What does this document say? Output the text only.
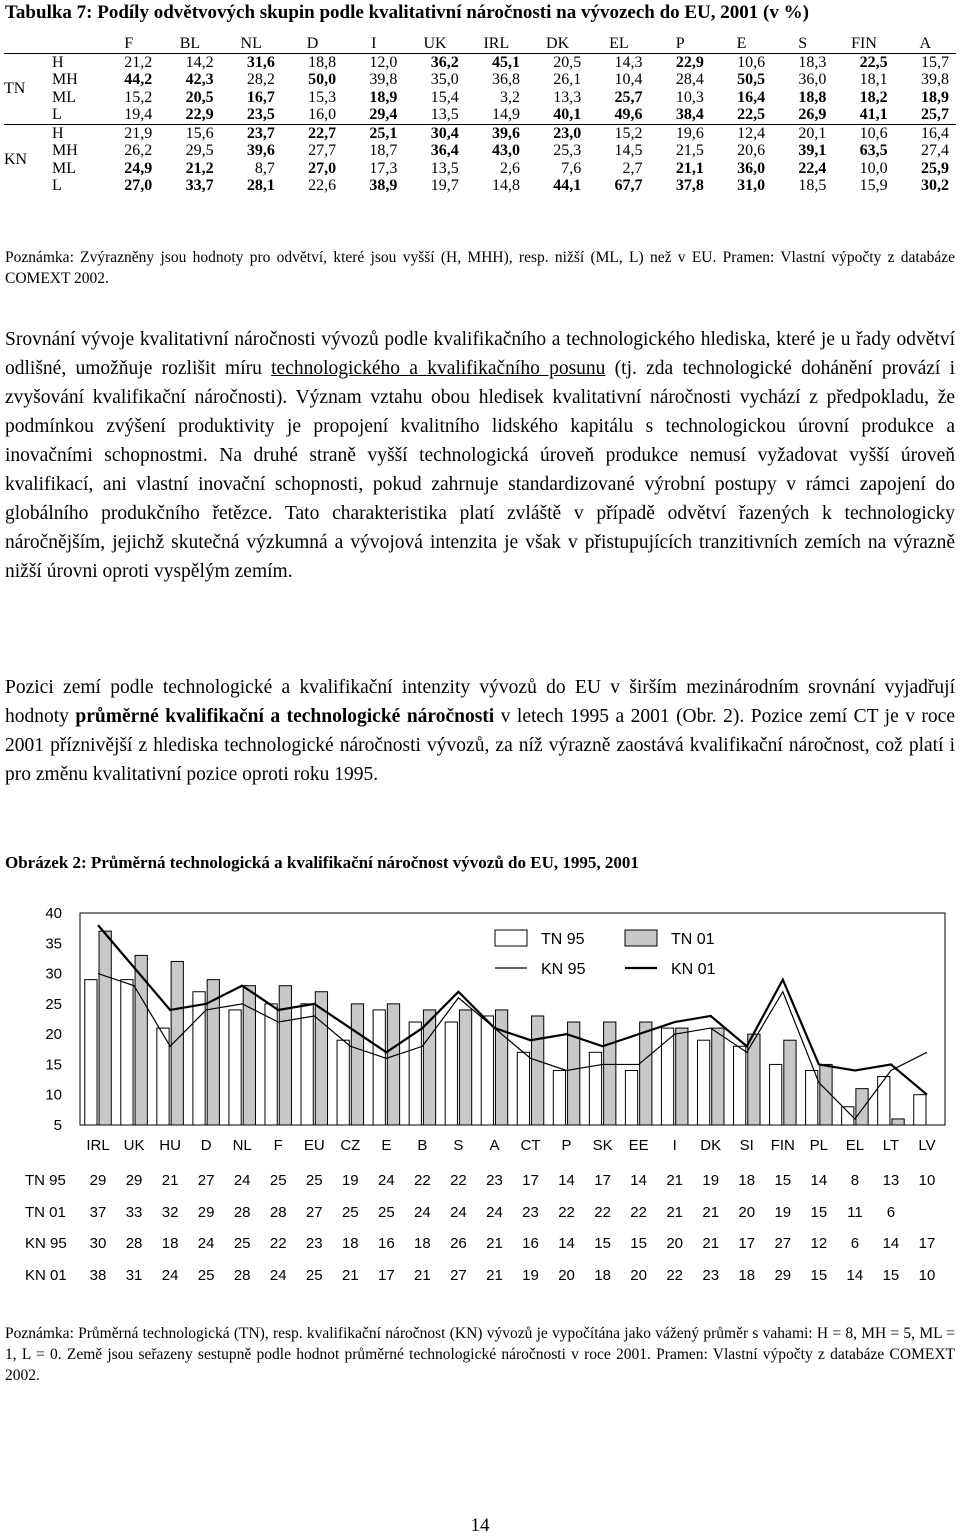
Tabulka 7: Podíly odvětvových skupin podle kvalitativní náročnosti na vývozech do EU, 2001 (v %)
		F	BL	NL	D	I	UK	IRL	DK	EL	P	E	S	FIN	A
TN	H	21,2	14,2	31,6	18,8	12,0	36,2	45,1	20,5	14,3	22,9	10,6	18,3	22,5	15,7
	MH	44,2	42,3	28,2	50,0	39,8	35,0	36,8	26,1	10,4	28,4	50,5	36,0	18,1	39,8
	ML	15,2	20,5	16,7	15,3	18,9	15,4	3,2	13,3	25,7	10,3	16,4	18,8	18,2	18,9
	L	19,4	22,9	23,5	16,0	29,4	13,5	14,9	40,1	49,6	38,4	22,5	26,9	41,1	25,7
KN	H	21,9	15,6	23,7	22,7	25,1	30,4	39,6	23,0	15,2	19,6	12,4	20,1	10,6	16,4
	MH	26,2	29,5	39,6	27,7	18,7	36,4	43,0	25,3	14,5	21,5	20,6	39,1	63,5	27,4
	ML	24,9	21,2	8,7	27,0	17,3	13,5	2,6	7,6	2,7	21,1	36,0	22,4	10,0	25,9
	L	27,0	33,7	28,1	22,6	38,9	19,7	14,8	44,1	67,7	37,8	31,0	18,5	15,9	30,2
Poznámka: Zvýrazněny jsou hodnoty pro odvětví, které jsou vyšší (H, MHH), resp. nižší (ML, L) než v EU. Pramen: Vlastní výpočty z databáze COMEXT 2002.
Srovnání vývoje kvalitativní náročnosti vývozů podle kvalifikačního a technologického hlediska, které je u řady odvětví odlišné, umožňuje rozlišit míru technologického a kvalifikačního posunu (tj. zda technologické dohánění provází i zvyšování kvalifikační náročnosti). Význam vztahu obou hledisek kvalitativní náročnosti vychází z předpokladu, že podmínkou zvýšení produktivity je propojení kvalitního lidského kapitálu s technologickou úrovní produkce a inovačními schopnostmi. Na druhé straně vyšší technologická úroveň produkce nemusí vyžadovat vyšší úroveň kvalifikací, ani vlastní inovační schopnosti, pokud zahrnuje standardizované výrobní postupy v rámci zapojení do globálního produkčního řetězce. Tato charakteristika platí zvláště v případě odvětví řazených k technologicky náročnějším, jejichž skutečná výzkumná a vývojová intenzita je však v přistupujících tranzitivních zemích na výrazně nižší úrovni oproti vyspělým zemím.
Pozici zemí podle technologické a kvalifikační intenzity vývozů do EU v širším mezinárodním srovnání vyjadřují hodnoty průměrné kvalifikační a technologické náročnosti v letech 1995 a 2001 (Obr. 2). Pozice zemí CT je v roce 2001 příznivější z hlediska technologické náročnosti vývozů, za níž výrazně zaostává kvalifikační náročnost, což platí i pro změnu kvalitativní pozice oproti roku 1995.
Obrázek 2: Průměrná technologická a kvalifikační náročnost vývozů do EU, 1995, 2001
40
35
30
25
20
15
10
5
TN 95	TN 01
KN 95	KN 01
IRL UK HU D NL F EU CZ E B S A CT P SK EE I DK SI FIN PL EL LT LV
TN 95 29 29 21 27 24 25 25 19 24 22 22 23 17 14 17 14 21 19 18 15 14 8 13 10
TN 01 37 33 32 29 28 28 27 25 25 24 24 24 23 22 22 22 21 21 20 19 15 11 6
KN 95 30 28 18 24 25 22 23 18 16 18 26 21 16 14 15 15 20 21 17 27 12 6 14 17
KN 01 38 31 24 25 28 24 25 21 17 21 27 21 19 20 18 20 22 23 18 29 15 14 15 10
Poznámka: Průměrná technologická (TN), resp. kvalifikační náročnost (KN) vývozů je vypočítána jako vážený průměr s vahami: H = 8, MH = 5, ML = 1, L = 0. Země jsou seřazeny sestupně podle hodnot průměrné technologické náročnosti v roce 2001. Pramen: Vlastní výpočty z databáze COMEXT 2002.
14
